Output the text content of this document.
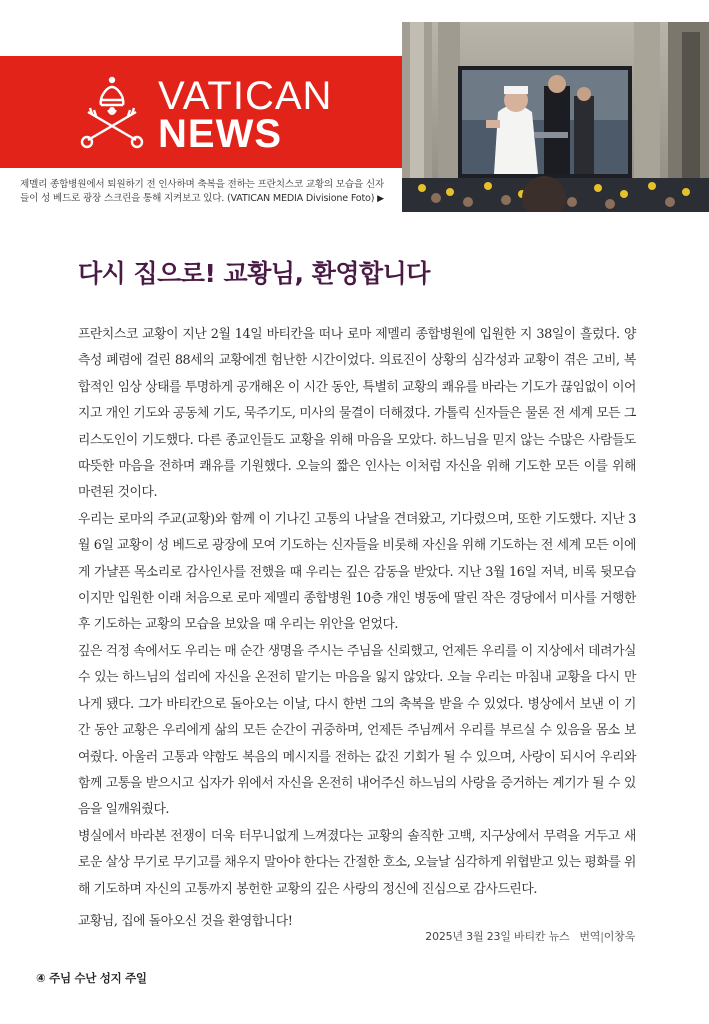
VATICAN
NEWS
제멜리 종합병원에서 퇴원하기 전 인사하며 축복을 전하는 프란치스코 교황의 모습을 신자
들이 성 베드로 광장 스크린을 통해 지켜보고 있다. (VATICAN MEDIA Divisione Foto) ▶
다시 집으로! 교황님, 환영합니다

프란치스코 교황이 지난 2월 14일 바티칸을 떠나 로마 제멜리 종합병원에 입원한 지 38일이 흘렀다. 양측성 폐렴에 걸린 88세의 교황에겐 험난한 시간이었다. 의료진이 상황의 심각성과 교황이 겪은 고비, 복합적인 임상 상태를 투명하게 공개해온 이 시간 동안, 특별히 교황의 쾌유를 바라는 기도가 끊임없이 이어지고 개인 기도와 공동체 기도, 묵주기도, 미사의 물결이 더해졌다. 가톨릭 신자들은 물론 전 세계 모든 그리스도인이 기도했다. 다른 종교인들도 교황을 위해 마음을 모았다. 하느님을 믿지 않는 수많은 사람들도 따뜻한 마음을 전하며 쾌유를 기원했다. 오늘의 짧은 인사는 이처럼 자신을 위해 기도한 모든 이를 위해 마련된 것이다.

우리는 로마의 주교(교황)와 함께 이 기나긴 고통의 나날을 견뎌왔고, 기다렸으며, 또한 기도했다. 지난 3월 6일 교황이 성 베드로 광장에 모여 기도하는 신자들을 비롯해 자신을 위해 기도하는 전 세계 모든 이에게 가냘픈 목소리로 감사인사를 전했을 때 우리는 깊은 감동을 받았다. 지난 3월 16일 저녁, 비록 뒷모습이지만 입원한 이래 처음으로 로마 제멜리 종합병원 10층 개인 병동에 딸린 작은 경당에서 미사를 거행한 후 기도하는 교황의 모습을 보았을 때 우리는 위안을 얻었다.

깊은 걱정 속에서도 우리는 매 순간 생명을 주시는 주님을 신뢰했고, 언제든 우리를 이 지상에서 데려가실 수 있는 하느님의 섭리에 자신을 온전히 맡기는 마음을 잃지 않았다. 오늘 우리는 마침내 교황을 다시 만나게 됐다. 그가 바티칸으로 돌아오는 이날, 다시 한번 그의 축복을 받을 수 있었다. 병상에서 보낸 이 기간 동안 교황은 우리에게 삶의 모든 순간이 귀중하며, 언제든 주님께서 우리를 부르실 수 있음을 몸소 보여줬다. 아울러 고통과 약함도 복음의 메시지를 전하는 값진 기회가 될 수 있으며, 사랑이 되시어 우리와 함께 고통을 받으시고 십자가 위에서 자신을 온전히 내어주신 하느님의 사랑을 증거하는 계기가 될 수 있음을 일깨워줬다.

병실에서 바라본 전쟁이 더욱 터무니없게 느껴졌다는 교황의 솔직한 고백, 지구상에서 무력을 거두고 새로운 살상 무기로 무기고를 채우지 말아야 한다는 간절한 호소, 오늘날 심각하게 위협받고 있는 평화를 위해 기도하며 자신의 고통까지 봉헌한 교황의 깊은 사랑의 정신에 진심으로 감사드린다.

교황님, 집에 돌아오신 것을 환영합니다!

2025년 3월 23일 바티칸 뉴스 번역|이창욱
④ 주님 수난 성지 주일
